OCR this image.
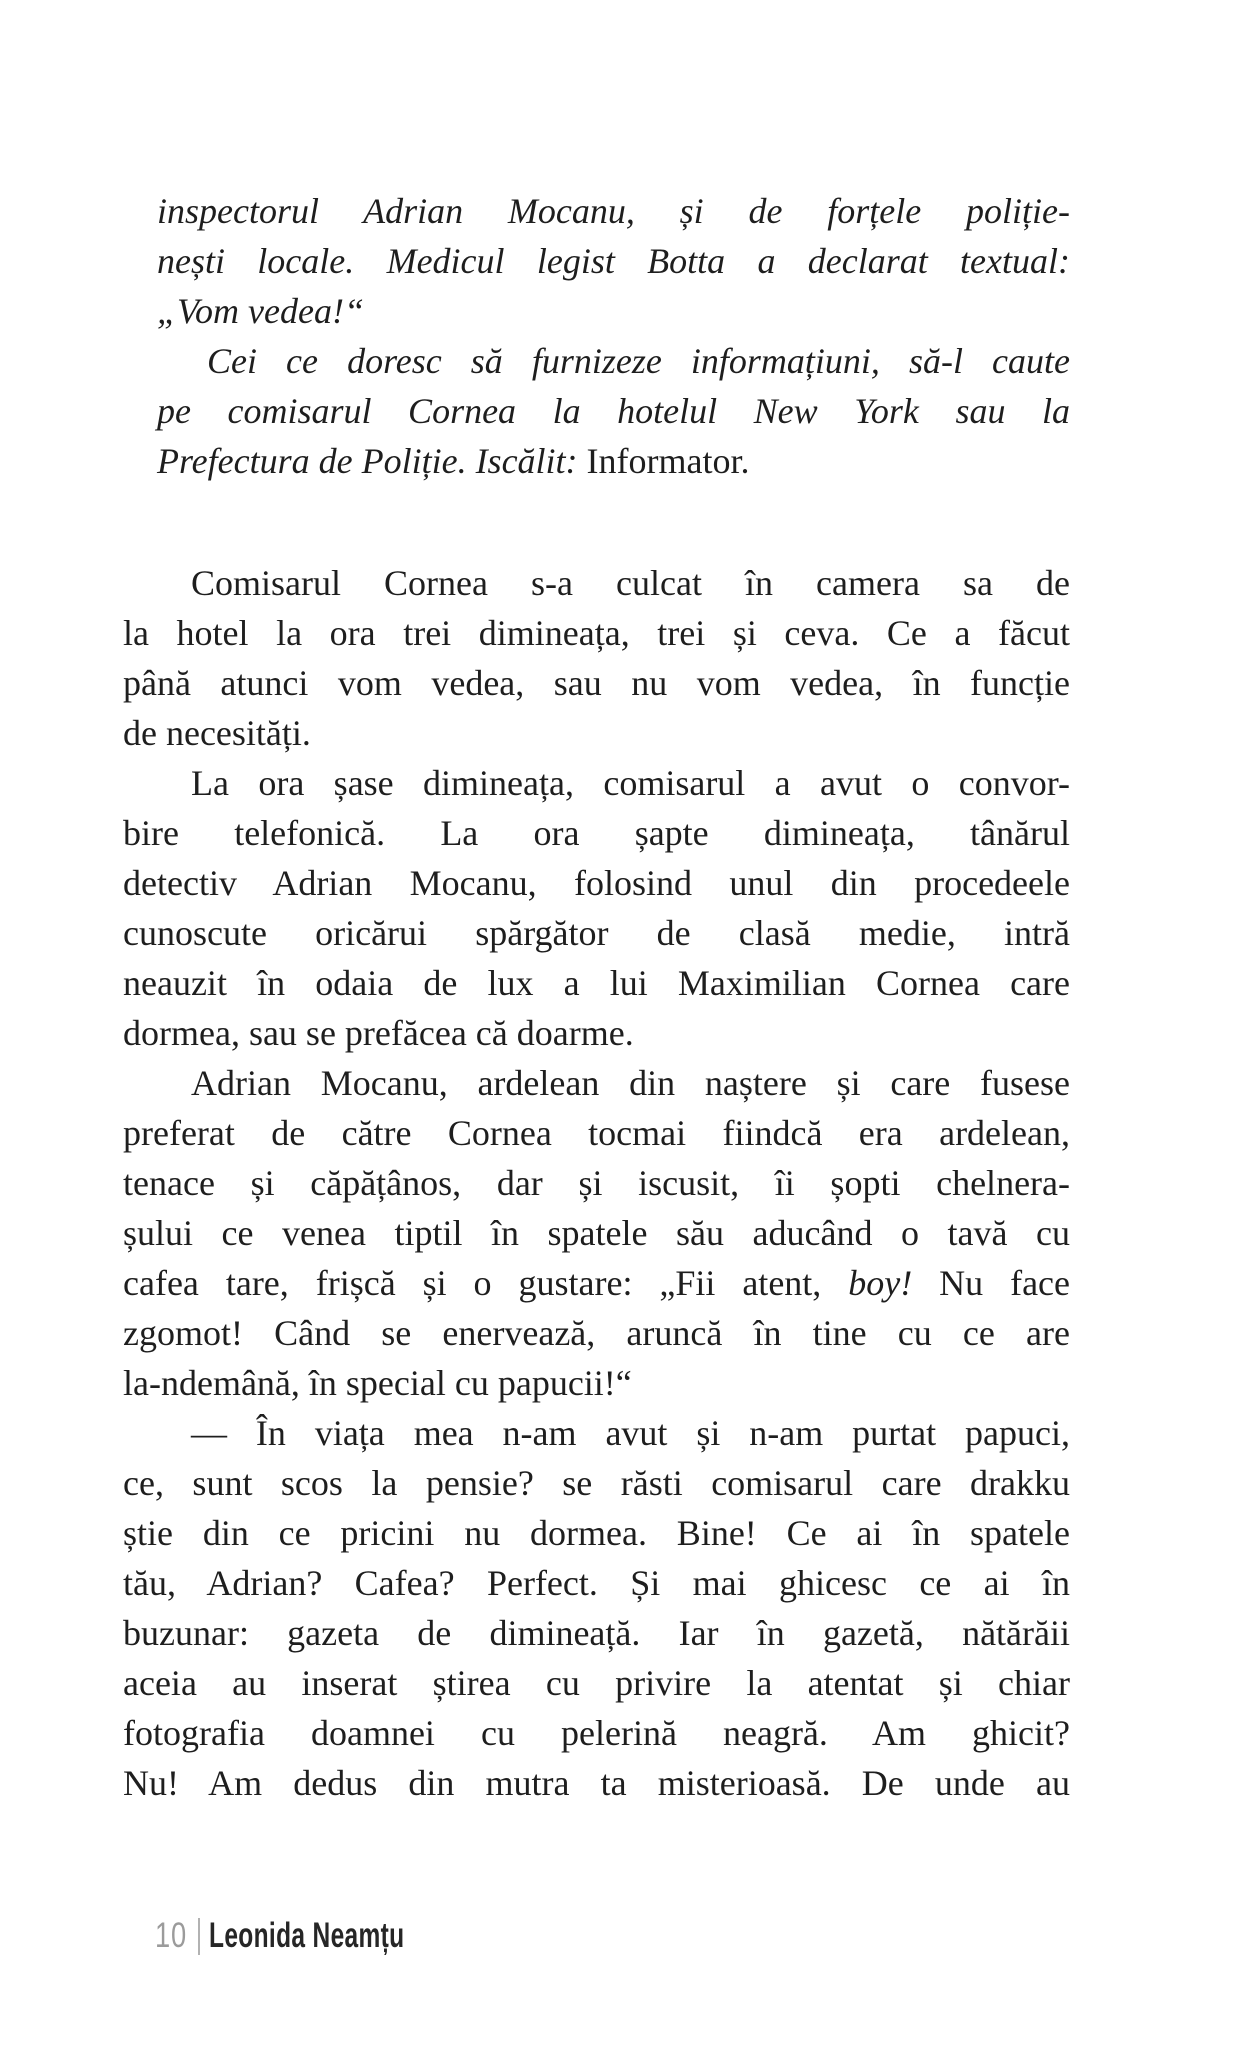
inspectorul Adrian Mocanu, și de forțele poliție-
nești locale. Medicul legist Botta a declarat textual:
„Vom vedea!“
Cei ce doresc să furnizeze informațiuni, să-l caute
pe comisarul Cornea la hotelul New York sau la
Prefectura de Poliție. Iscălit: Informator.
Comisarul Cornea s-a culcat în camera sa de
la hotel la ora trei dimineața, trei și ceva. Ce a făcut
până atunci vom vedea, sau nu vom vedea, în funcție
de necesități.
La ora șase dimineața, comisarul a avut o convor-
bire telefonică. La ora șapte dimineața, tânărul
detectiv Adrian Mocanu, folosind unul din procedeele
cunoscute oricărui spărgător de clasă medie, intră
neauzit în odaia de lux a lui Maximilian Cornea care
dormea, sau se prefăcea că doarme.
Adrian Mocanu, ardelean din naștere și care fusese
preferat de către Cornea tocmai fiindcă era ardelean,
tenace și căpățânos, dar și iscusit, îi șopti chelnera-
șului ce venea tiptil în spatele său aducând o tavă cu
cafea tare, frișcă și o gustare: „Fii atent, boy! Nu face
zgomot! Când se enervează, aruncă în tine cu ce are
la-ndemână, în special cu papucii!“
— În viața mea n-am avut și n-am purtat papuci,
ce, sunt scos la pensie? se răsti comisarul care drakku
știe din ce pricini nu dormea. Bine! Ce ai în spatele
tău, Adrian? Cafea? Perfect. Și mai ghicesc ce ai în
buzunar: gazeta de dimineață. Iar în gazetă, nătărăii
aceia au inserat știrea cu privire la atentat și chiar
fotografia doamnei cu pelerină neagră. Am ghicit?
Nu! Am dedus din mutra ta misterioasă. De unde au
10 Leonida Neamțu
